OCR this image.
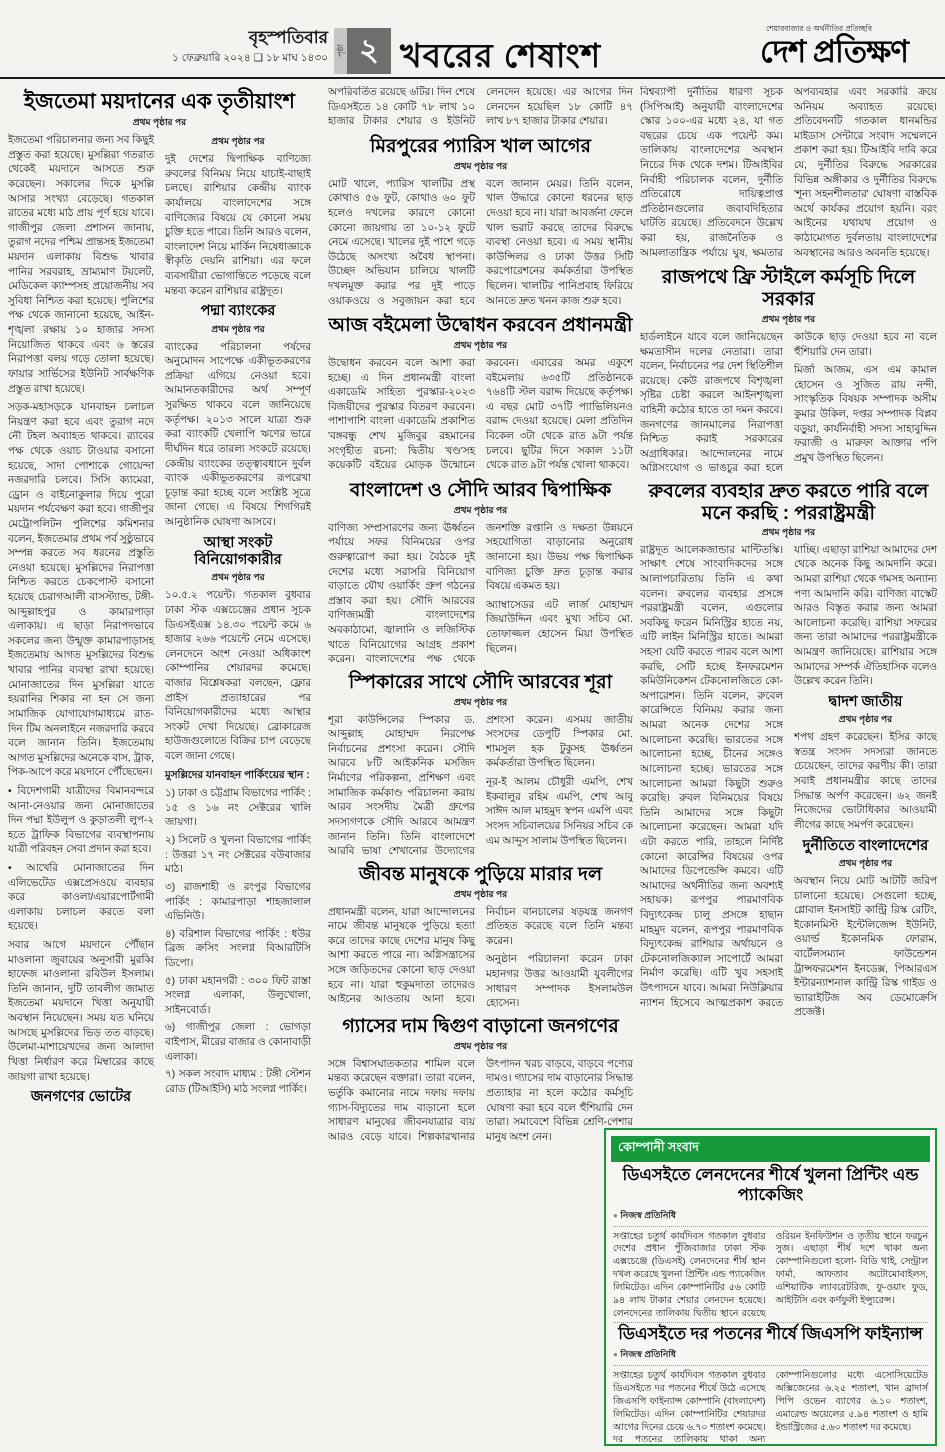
বৃহস্পতিবার
১ ফেব্রুয়ারি ২০২৪ ❑ ১৮ মাঘ ১৪৩০
পৃষ্ঠা ২ খবরের শেষাংশ
শেয়ারবাজার ও অর্থনীতির প্রতিচ্ছবি
দেশ প্রতিক্ষণ
ইজতেমা ময়দানের এক তৃতীয়াংশ
প্রথম পৃষ্ঠার পর

ইজতেমা পরিচালনার জন্য সব কিছুই প্রস্তুত করা হয়েছে। মুসল্লিরা গতরাত থেকেই ময়দানে আসতে শুরু করেছেন। সকালের দিকে মুসল্লি আসার সংখ্যা বেড়েছে। গতকাল রাতের মধ্যে মাঠ প্রায় পূর্ণ হয়ে যাবে। গাজীপুর জেলা প্রশাসন জানায়, তুরাগ নদের পশ্চিম প্রান্তসহ ইজতেমা ময়দান এলাকায় বিশুদ্ধ খাবার পানির সরবরাহ, ভ্রাম্যমাণ টয়লেট, মেডিকেল ক্যাম্পসহ প্রয়োজনীয় সব সুবিধা নিশ্চিত করা হয়েছে। পুলিশের পক্ষ থেকে জানানো হয়েছে, আইন-শৃঙ্খলা রক্ষায় ১০ হাজার সদস্য নিয়োজিত থাকবে এবং ৬ স্তরের নিরাপত্তা বলয় গড়ে তোলা হয়েছে। ফায়ার সার্ভিসের ইউনিট সার্বক্ষণিক প্রস্তুত রাখা হয়েছে।

সড়ক-মহাসড়কে যানবাহন চলাচল নিয়ন্ত্রণ করা হবে এবং তুরাগ নদে নৌ টহল অব্যাহত থাকবে। র‌্যাবের পক্ষ থেকে ওয়াচ টাওয়ার বসানো হয়েছে, সাদা পোশাকে গোয়েন্দা নজরদারি চলবে। সিসি ক্যামেরা, ড্রোন ও বাইনোকুলার দিয়ে পুরো ময়দান পর্যবেক্ষণ করা হবে। গাজীপুর মেট্রোপলিটন পুলিশের কমিশনার বলেন, ইজতেমার প্রথম পর্ব সুষ্ঠুভাবে সম্পন্ন করতে সব ধরনের প্রস্তুতি নেওয়া হয়েছে। মুসল্লিদের নিরাপত্তা নিশ্চিত করতে চেকপোস্ট বসানো হয়েছে চেরাগআলী বাসস্ট্যান্ড, টঙ্গী-আব্দুল্লাহপুর ও কামারপাড়া এলাকায়। এ ছাড়া নিরাপদভাবে সকলের জন্য উন্মুক্ত কামারপাড়াসহ ইজতেমায় আগত মুসল্লিদের বিশুদ্ধ খাবার পানির ব্যবস্থা রাখা হয়েছে। মোনাজাতের দিন মুসল্লিরা যাতে হয়রানির শিকার না হন সে জন্য সামাজিক যোগাযোগমাধ্যমে রাত-দিন টিম অনলাইনে নজরদারি করবে বলে জানান তিনি। ইজতেমায় আগত মুসল্লিদের অনেকে বাস, ট্রাক, পিক-আপে করে ময়দানে পৌঁছেছেন।

• বিদেশগামী যাত্রীদের বিমানবন্দরে আনা-নেওয়ার জন্য মোনাজাতের দিন পদ্মা ইউলুপ ও কুড়াতলী লুপ-২ হতে ট্রাফিক বিভাগের ব্যবস্থাপনায় যাত্রী পরিবহন সেবা প্রদান করা হবে।

• আখেরি মোনাজাতের দিন এলিভেটেড এক্সপ্রেসওয়ে ব্যবহার করে কাওলা/এয়ারপোর্টগামী এলাকায় চলাচল করতে বলা হয়েছে।

সবার আগে ময়দানে পৌঁছান মাওলানা জুবায়ের অনুসারী মুরব্বি হাফেজ মাওলানা রবিউল ইসলাম। তিনি জানান, দুটি তাবলীগ জামাত ইজতেমা ময়দানে খিত্তা অনুযায়ী অবস্থান নিয়েছেন। সময় যত ঘনিয়ে আসছে মুসল্লিদের ভিড় তত বাড়ছে। উলেমা-মাশায়েখদের জন্য আলাদা খিত্তা নির্ধারণ করে মিম্বারের কাছে জায়গা রাখা হয়েছে।

জনগণের ভোটের
প্রথম পৃষ্ঠার পর

দুই দেশের দ্বিপাক্ষিক বাণিজ্যে রুবলের বিনিময় নিয়ে যাচাই-বাছাই চলছে। রাশিয়ার কেন্দ্রীয় ব্যাংক কার্যালয়ে বাংলাদেশের সঙ্গে বাণিজ্যের বিষয়ে যে কোনো সময় চুক্তি হতে পারে। তিনি আরও বলেন, বাংলাদেশ নিয়ে মার্কিন নিষেধাজ্ঞাকে স্বীকৃতি দেয়নি রাশিয়া। এর ফলে ব্যবসায়ীরা ভোগান্তিতে পড়েছে বলে মন্তব্য করেন রাশিয়ার রাষ্ট্রদূত।

পদ্মা ব্যাংকের
প্রথম পৃষ্ঠার পর

ব্যাংকের পরিচালনা পর্ষদের অনুমোদন সাপেক্ষে একীভূতকরণের প্রক্রিয়া এগিয়ে নেওয়া হবে। আমানতকারীদের অর্থ সম্পূর্ণ সুরক্ষিত থাকবে বলে জানিয়েছে কর্তৃপক্ষ। ২০১৩ সালে যাত্রা শুরু করা ব্যাংকটি খেলাপি ঋণের ভারে দীর্ঘদিন ধরে তারল্য সংকটে রয়েছে। কেন্দ্রীয় ব্যাংকের তত্ত্বাবধানে দুর্বল ব্যাংক একীভূতকরণের রূপরেখা চূড়ান্ত করা হচ্ছে বলে সংশ্লিষ্ট সূত্রে জানা গেছে। এ বিষয়ে শিগগিরই আনুষ্ঠানিক ঘোষণা আসবে।

আস্থা সংকট বিনিয়োগকারীর
প্রথম পৃষ্ঠার পর

১০.৫.২ পয়েন্ট। গতকাল বুধবার ঢাকা স্টক এক্সচেঞ্জের প্রধান সূচক ডিএসইএক্স ১৪.৩০ পয়েন্ট কমে ৬ হাজার ২৬৬ পয়েন্টে নেমে এসেছে। লেনদেনে অংশ নেওয়া অধিকাংশ কোম্পানির শেয়ারদর কমেছে। বাজার বিশ্লেষকরা বলছেন, ফ্লোর প্রাইস প্রত্যাহারের পর বিনিয়োগকারীদের মধ্যে আস্থার সংকট দেখা দিয়েছে। ব্রোকারেজ হাউজগুলোতে বিক্রির চাপ বেড়েছে বলে জানা গেছে।

মুসল্লিদের যানবাহন পার্কিংয়ের স্থান :

১) ঢাকা ও চট্টগ্রাম বিভাগের পার্কিং : ১৫ ও ১৬ নং সেক্টরের খালি জায়গা।

২) সিলেট ও খুলনা বিভাগের পার্কিং : উত্তরা ১৭ নং সেক্টরের বউবাজার মাঠ।

৩) রাজশাহী ও রংপুর বিভাগের পার্কিং : কামারপাড়া শাহজালাল এভিনিউ।

৪) বরিশাল বিভাগের পার্কিং : ধউর ব্রিজ ক্রসিং সংলগ্ন বিআরটিসি ডিপো।

৫) ঢাকা মহানগরী : ৩০০ ফিট রাস্তা সংলগ্ন এলাকা, উলুখোলা, সাইনবোর্ড।

৬) গাজীপুর জেলা : ভোগড়া বাইপাস, মীরের বাজার ও কোনাবাড়ী এলাকা।

৭) সকল সংবাদ মাধ্যম : টঙ্গী স্টেশন রোড (টিআইসি) মাঠ সংলগ্ন পার্কিং।

অপরিবর্তিত রয়েছে ৬টির। দিন শেষে ডিএসইতে ১৪ কোটি ৭৮ লাখ ১০ হাজার টাকার শেয়ার ও ইউনিট লেনদেন হয়েছে। এর আগের দিন লেনদেন হয়েছিল ১৮ কোটি ৪৭ লাখ ৮৭ হাজার টাকার শেয়ার।

মিরপুরের প্যারিস খাল আগের
প্রথম পৃষ্ঠার পর

মোট খালে, প্যারিস খালটির প্রস্থ কোথাও ৫৬ ফুট, কোথাও ৬০ ফুট হলেও দখলের কারণে কোনো কোনো জায়গায় তা ১০-১২ ফুটে নেমে এসেছে। খালের দুই পাশে গড়ে উঠেছে অসংখ্য অবৈধ স্থাপনা। উচ্ছেদ অভিযান চালিয়ে খালটি দখলমুক্ত করার পর দুই পাড়ে ওয়াকওয়ে ও সবুজায়ন করা হবে বলে জানান মেয়র। তিনি বলেন, খাল উদ্ধারে কোনো ধরনের ছাড় দেওয়া হবে না। যারা আবর্জনা ফেলে খাল ভরাট করছে তাদের বিরুদ্ধে ব্যবস্থা নেওয়া হবে। এ সময় স্থানীয় কাউন্সিলর ও ঢাকা উত্তর সিটি করপোরেশনের কর্মকর্তারা উপস্থিত ছিলেন। খালটির পানিপ্রবাহ ফিরিয়ে আনতে দ্রুত খনন কাজ শুরু হবে।

আজ বইমেলা উদ্বোধন করবেন প্রধানমন্ত্রী
প্রথম পৃষ্ঠার পর

উদ্বোধন করবেন বলে আশা করা হচ্ছে। এ দিন প্রধানমন্ত্রী বাংলা একাডেমি সাহিত্য পুরস্কার-২০২৩ বিজয়ীদের পুরস্কার বিতরণ করবেন। পাশাপাশি বাংলা একাডেমি প্রকাশিত 'বঙ্গবন্ধু শেখ মুজিবুর রহমানের সংগৃহীত রচনা: দ্বিতীয় খণ্ড'সহ কয়েকটি বইয়ের মোড়ক উন্মোচন করবেন। এবারের অমর একুশে বইমেলায় ৬৩৫টি প্রতিষ্ঠানকে ৭৬৪টি স্টল বরাদ্দ দিয়েছে কর্তৃপক্ষ। এ বছর মোট ৩৭টি প্যাভিলিয়নও বরাদ্দ দেওয়া হয়েছে। মেলা প্রতিদিন বিকেল ৩টা থেকে রাত ৯টা পর্যন্ত চলবে। ছুটির দিনে সকাল ১১টা থেকে রাত ৯টা পর্যন্ত খোলা থাকবে।

বাংলাদেশ ও সৌদি আরব দ্বিপাক্ষিক
প্রথম পৃষ্ঠার পর

বাণিজ্য সম্প্রসারণের জন্য ঊর্ধ্বতন পর্যায়ে সফর বিনিময়ের ওপর গুরুত্বারোপ করা হয়। বৈঠকে দুই দেশের মধ্যে সরাসরি বিনিয়োগ বাড়াতে যৌথ ওয়ার্কিং গ্রুপ গঠনের প্রস্তাব করা হয়। সৌদি আরবের বাণিজ্যমন্ত্রী বাংলাদেশের অবকাঠামো, জ্বালানি ও লজিস্টিক খাতে বিনিয়োগের আগ্রহ প্রকাশ করেন। বাংলাদেশের পক্ষ থেকে জনশক্তি রপ্তানি ও দক্ষতা উন্নয়নে সহযোগিতা বাড়ানোর অনুরোধ জানানো হয়। উভয় পক্ষ দ্বিপাক্ষিক বাণিজ্য চুক্তি দ্রুত চূড়ান্ত করার বিষয়ে একমত হয়।

অ্যাম্বাসেডর এট লার্জ মোহাম্মদ জিয়াউদ্দিন এবং মুখ্য সচিব মো. তোফাজ্জল হোসেন মিয়া উপস্থিত ছিলেন।

স্পিকারের সাথে সৌদি আরবের শূরা
প্রথম পৃষ্ঠার পর

শূরা কাউন্সিলের স্পিকার ড. আব্দুল্লাহ মোহাম্মদ নিরপেক্ষ নির্বাচনের প্রশংসা করেন। সৌদি আরবে ৮টি আইকনিক মসজিদ নির্মাণের পরিকল্পনা, প্রশিক্ষণ এবং সামাজিক কর্মকাণ্ড পরিচালনা করায় আরব সংসদীয় মৈত্রী গ্রুপের সদস্যগণকে সৌদি আরবে আমন্ত্রণ জানান তিনি। তিনি বাংলাদেশে আরবি ভাষা শেখানোর উদ্যোগের প্রশংসা করেন। এসময় জাতীয় সংসদের ডেপুটি স্পিকার মো. শামসুল হক টুকুসহ ঊর্ধ্বতন কর্মকর্তারা উপস্থিত ছিলেন।

নূর-ই আলম চৌধুরী এমপি, শেখ ইকবালুর রহিম এমপি, শেখ আবু সাঈদ আল মাহমুদ স্বপন এমপি এবং সংসদ সচিবালয়ের সিনিয়র সচিব কে এম আব্দুস সালাম উপস্থিত ছিলেন।

জীবন্ত মানুষকে পুড়িয়ে মারার দল
প্রথম পৃষ্ঠার পর

প্রধানমন্ত্রী বলেন, যারা আন্দোলনের নামে জীবন্ত মানুষকে পুড়িয়ে হত্যা করে তাদের কাছে দেশের মানুষ কিছু আশা করতে পারে না। অগ্নিসন্ত্রাসের সঙ্গে জড়িতদের কোনো ছাড় দেওয়া হবে না। যারা হুকুমদাতা তাদেরও আইনের আওতায় আনা হবে। নির্বাচন বানচালের ষড়যন্ত্র জনগণ প্রতিহত করেছে বলে তিনি মন্তব্য করেন।

অনুষ্ঠান পরিচালনা করেন ঢাকা মহানগর উত্তর আওয়ামী যুবলীগের সাধারণ সম্পাদক ইসলামউল হোসেন।

গ্যাসের দাম দ্বিগুণ বাড়ানো জনগণের
প্রথম পৃষ্ঠার পর

সঙ্গে বিশ্বাসঘাতকতার শামিল বলে মন্তব্য করেছেন বক্তারা। তারা বলেন, ভর্তুকি কমানোর নামে দফায় দফায় গ্যাস-বিদ্যুতের দাম বাড়ানো হলে সাধারণ মানুষের জীবনযাত্রার ব্যয় আরও বেড়ে যাবে। শিল্পকারখানার উৎপাদন খরচ বাড়বে, বাড়বে পণ্যের দামও। গ্যাসের দাম বাড়ানোর সিদ্ধান্ত প্রত্যাহার না হলে কঠোর কর্মসূচি ঘোষণা করা হবে বলে হুঁশিয়ারি দেন তারা। সমাবেশে বিভিন্ন শ্রেণি-পেশার মানুষ অংশ নেন।

বিশ্বব্যাপী দুর্নীতির ধারণা সূচক (সিপিআই) অনুযায়ী বাংলাদেশের স্কোর ১০০-এর মধ্যে ২৪, যা গত বছরের চেয়ে এক পয়েন্ট কম। তালিকায় বাংলাদেশের অবস্থান নিচের দিক থেকে দশম। টিআইবির নির্বাহী পরিচালক বলেন, দুর্নীতি প্রতিরোধে দায়িত্বপ্রাপ্ত প্রতিষ্ঠানগুলোর জবাবদিহিতার ঘাটতি রয়েছে। প্রতিবেদনে উল্লেখ করা হয়, রাজনৈতিক ও আমলাতান্ত্রিক পর্যায়ে ঘুষ, ক্ষমতার অপব্যবহার এবং সরকারি ক্রয়ে অনিয়ম অব্যাহত রয়েছে। প্রতিবেদনটি গতকাল ধানমন্ডির মাইডাস সেন্টারে সংবাদ সম্মেলনে প্রকাশ করা হয়। টিআইবি দাবি করে যে, দুর্নীতির বিরুদ্ধে সরকারের বিভিন্ন অঙ্গীকার ও দুর্নীতির বিরুদ্ধে 'শূন্য সহনশীলতার' ঘোষণা বাস্তবিক অর্থে কার্যকর প্রয়োগ হয়নি। বরং আইনের যথাযথ প্রয়োগ ও কাঠামোগত দুর্বলতায় বাংলাদেশের অবস্থানের আরও অবনতি হয়েছে।

রাজপথে ফ্রি স্টাইলে কর্মসূচি দিলে সরকার
প্রথম পৃষ্ঠার পর

হার্ডলাইনে যাবে বলে জানিয়েছেন ক্ষমতাসীন দলের নেতারা। তারা বলেন, নির্বাচনের পর দেশ স্থিতিশীল রয়েছে। কেউ রাজপথে বিশৃঙ্খলা সৃষ্টির চেষ্টা করলে আইনশৃঙ্খলা বাহিনী কঠোর হাতে তা দমন করবে। জনগণের জানমালের নিরাপত্তা নিশ্চিত করাই সরকারের অগ্রাধিকার। আন্দোলনের নামে অগ্নিসংযোগ ও ভাঙচুর করা হলে কাউকে ছাড় দেওয়া হবে না বলে হুঁশিয়ারি দেন তারা।

মির্জা আজম, এস এম কামাল হোসেন ও সুজিত রায় নন্দী, সাংস্কৃতিক বিষয়ক সম্পাদক অসীম কুমার উকিল, দপ্তর সম্পাদক বিপ্লব বড়ুয়া, কার্যনির্বাহী সদস্য সাহাবুদ্দিন ফরাজী ও মারুফা আক্তার পপি প্রমুখ উপস্থিত ছিলেন।

রুবলের ব্যবহার দ্রুত করতে পারি বলে
মনে করছি : পররাষ্ট্রমন্ত্রী
প্রথম পৃষ্ঠার পর

রাষ্ট্রদূত আলেকজান্ডার মান্টিতস্কি। সাক্ষাৎ শেষে সাংবাদিকদের সঙ্গে আলাপচারিতায় তিনি এ কথা বলেন। রুবলের ব্যবহার প্রসঙ্গে পররাষ্ট্রমন্ত্রী বলেন, এগুলোর সবকিছু ফরেন মিনিস্ট্রির হাতে নয়, এটি লাইন মিনিস্ট্রির হাতে। আমরা সহসা যেটি করতে পারব বলে আশা করছি, সেটি হচ্ছে ইনফরমেশন কমিউনিকেশন টেকনোলজিতে কো-অপারেশন। তিনি বলেন, রুবেল কারেন্সিতে বিনিময় করার জন্য আমরা অনেক দেশের সঙ্গে আলোচনা করেছি। ভারতের সঙ্গে আলোচনা হচ্ছে, চীনের সঙ্গেও আলোচনা হচ্ছে। ভারতের সঙ্গে আলোচনা আমরা কিছুটা শুরুও করেছি। রুবল বিনিময়ের বিষয়ে তিনি আমাদের সঙ্গে কিছুটা আলোচনা করেছেন। আমরা যদি এটা করতে পারি, তাহলে নির্দিষ্ট কোনো কারেন্সির বিষয়ের ওপর আমাদের ডিপেন্ডেন্সি কমবে। এটি আমাদের অর্থনীতির জন্য অবশ্যই সহায়ক। রূপপুর পারমাণবিক বিদ্যুৎকেন্দ্র চালু প্রসঙ্গে হাছান মাহমুদ বলেন, রূপপুর পারমাণবিক বিদ্যুৎকেন্দ্র রাশিয়ার অর্থায়নে ও টেকনোলজিক্যাল সাপোর্টে আমরা নির্মাণ করেছি। এটি খুব সহসাই উৎপাদনে যাবে। আমরা নিউক্লিয়ার ন্যাশন হিসেবে আত্মপ্রকাশ করতে যাচ্ছি। এছাড়া রাশিয়া আমাদের দেশ থেকে অনেক কিছু আমদানি করে। আমরা রাশিয়া থেকে গমসহ অন্যান্য পণ্য আমদানি করি। বাণিজ্য বাস্কেট আরও বিস্তৃত করার জন্য আমরা আলোচনা করেছি। রাশিয়া সফরের জন্য তারা আমাদের পররাষ্ট্রমন্ত্রীকে আমন্ত্রণ জানিয়েছে। রাশিয়ার সঙ্গে আমাদের সম্পর্ক ঐতিহাসিক বলেও উল্লেখ করেন তিনি।

দ্বাদশ জাতীয়
প্রথম পৃষ্ঠার পর

শপথ গ্রহণ করেছেন। ইসির কাছে স্বতন্ত্র সংসদ সদস্যরা জানতে চেয়েছেন, তাদের করণীয় কী। তারা সবাই প্রধানমন্ত্রীর কাছে তাদের সিদ্ধান্ত অর্পণ করেছেন। ৬২ জনই নিজেদের ভোটাধিকার আওয়ামী লীগের কাছে সমর্পণ করেছেন।

দুর্নীতিতে বাংলাদেশের
প্রথম পৃষ্ঠার পর

অবস্থান নিয়ে মোট আটটি জরিপ চালানো হয়েছে। সেগুলো হচ্ছে, গ্লোবাল ইনসাইট কান্ট্রি রিস্ক রেটিং, ইকোনমিস্ট ইন্টেলিজেন্স ইউনিট, ওয়ার্ল্ড ইকোনমিক ফোরাম, বার্টেলসম্যান ফাউন্ডেশন ট্রান্সফরমেশন ইনডেক্স, পিআরএস ইন্টারন্যাশনাল কান্ট্রি রিস্ক গাইড ও ভ্যারাইটিজ অব ডেমোক্রেসি প্রজেক্ট।

কোম্পানী সংবাদ
ডিএসইতে লেনদেনের শীর্ষে খুলনা প্রিন্টিং এন্ড প্যাকেজিং
● নিজস্ব প্রতিনিধি

সপ্তাহের চতুর্থ কার্যদিবস গতকাল বুধবার দেশের প্রধান পুঁজিবাজার ঢাকা স্টক এক্সচেঞ্জে (ডিএসই) লেনদেনের শীর্ষ স্থান দখল করেছে খুলনা প্রিন্টিং এন্ড প্যাকেজিং লিমিটেড। এদিন কোম্পানিটির ৫৬ কোটি ৯৪ লাখ টাকার শেয়ার লেনদেন হয়েছে। লেনদেনের তালিকায় দ্বিতীয় স্থানে রয়েছে ওরিয়ন ইনফিউশন ও তৃতীয় স্থানে ফরচুন সুজ। এছাড়া শীর্ষ দশে থাকা অন্য কোম্পানিগুলো হলো- বিডি থাই, সেন্ট্রাল ফার্মা, আফতাব অটোমোবাইলস, এশিয়াটিক ল্যাবরেটরিজ, ফু-ওয়াং ফুড, আইটিসি এবং কর্ণফুলী ইন্স্যুরেন্স।

ডিএসইতে দর পতনের শীর্ষে জিএসপি ফাইন্যান্স
● নিজস্ব প্রতিনিধি

সপ্তাহের চতুর্থ কার্যদিবস গতকাল বুধবার ডিএসইতে দর পতনের শীর্ষে উঠে এসেছে জিএসপি ফাইন্যান্স কোম্পানি (বাংলাদেশ) লিমিটেড। এদিন কোম্পানিটির শেয়ারদর আগের দিনের চেয়ে ৬.৭০ শতাংশ কমেছে। দর পতনের তালিকায় থাকা অন্য কোম্পানিগুলোর মধ্যে এসোসিয়েটেড অক্সিজেনের ৬.২৫ শতাংশ, খান ব্রাদার্স পিপি ওভেন ব্যাগের ৬.১০ শতাংশ, এমারেল্ড অয়েলের ৫.৯৪ শতাংশ ও হামি ইন্ডাস্ট্রিজের ৫.৬০ শতাংশ দর কমেছে।
